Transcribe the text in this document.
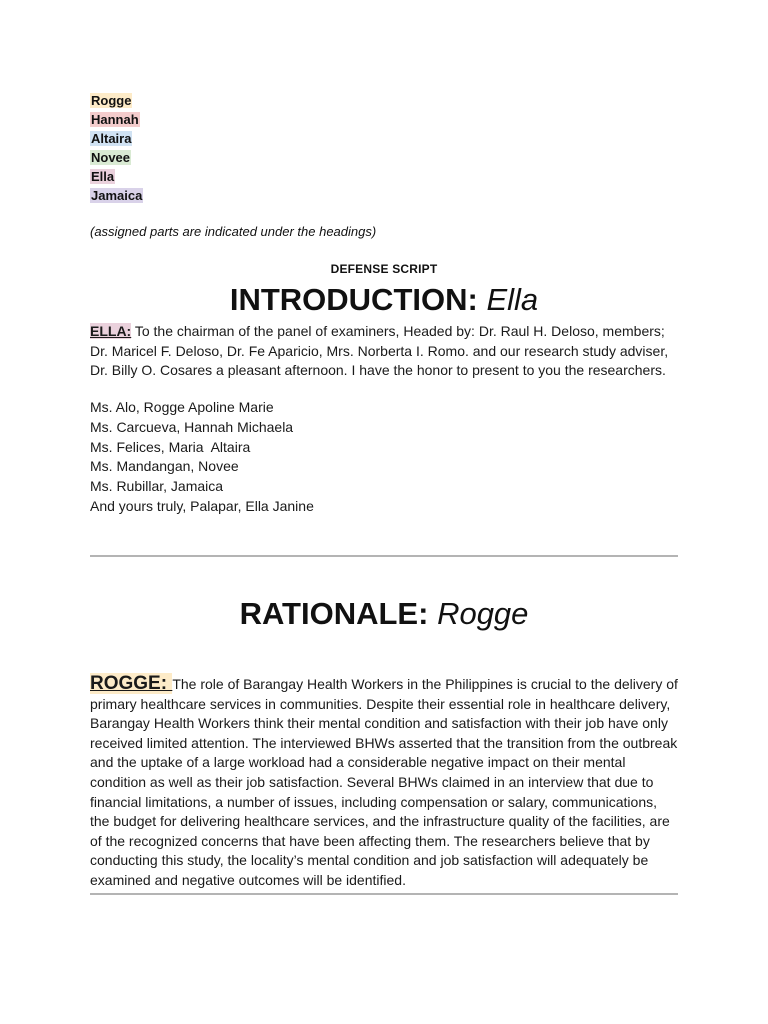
Rogge
Hannah
Altaira
Novee
Ella
Jamaica
(assigned parts are indicated under the headings)
DEFENSE SCRIPT
INTRODUCTION: Ella
ELLA: To the chairman of the panel of examiners, Headed by: Dr. Raul H. Deloso, members; Dr. Maricel F. Deloso, Dr. Fe Aparicio, Mrs. Norberta I. Romo. and our research study adviser, Dr. Billy O. Cosares a pleasant afternoon. I have the honor to present to you the researchers.
Ms. Alo, Rogge Apoline Marie
Ms. Carcueva, Hannah Michaela
Ms. Felices, Maria  Altaira
Ms. Mandangan, Novee
Ms. Rubillar, Jamaica
And yours truly, Palapar, Ella Janine
RATIONALE: Rogge
ROGGE: The role of Barangay Health Workers in the Philippines is crucial to the delivery of primary healthcare services in communities. Despite their essential role in healthcare delivery, Barangay Health Workers think their mental condition and satisfaction with their job have only received limited attention. The interviewed BHWs asserted that the transition from the outbreak and the uptake of a large workload had a considerable negative impact on their mental condition as well as their job satisfaction. Several BHWs claimed in an interview that due to financial limitations, a number of issues, including compensation or salary, communications, the budget for delivering healthcare services, and the infrastructure quality of the facilities, are of the recognized concerns that have been affecting them. The researchers believe that by conducting this study, the locality’s mental condition and job satisfaction will adequately be examined and negative outcomes will be identified.
